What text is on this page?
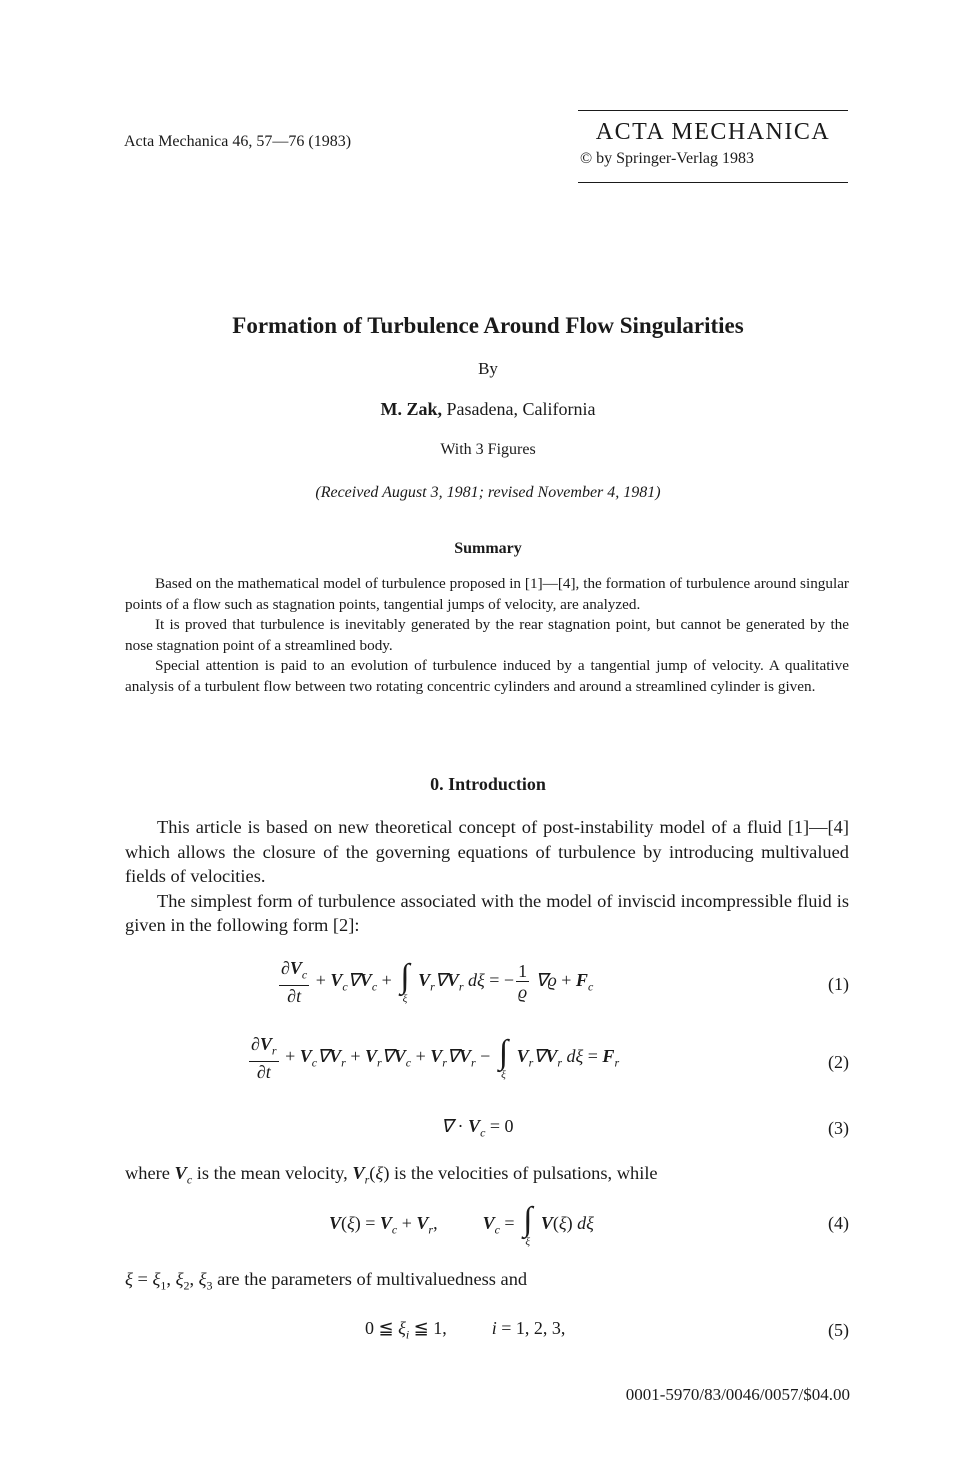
Acta Mechanica 46, 57—76 (1983)	ACTA MECHANICA
© by Springer-Verlag 1983
Formation of Turbulence Around Flow Singularities
By
M. Zak, Pasadena, California
With 3 Figures
(Received August 3, 1981; revised November 4, 1981)
Summary

Based on the mathematical model of turbulence proposed in [1]—[4], the formation of turbulence around singular points of a flow such as stagnation points, tangential jumps of velocity, are analyzed.

It is proved that turbulence is inevitably generated by the rear stagnation point, but cannot be generated by the nose stagnation point of a streamlined body.

Special attention is paid to an evolution of turbulence induced by a tangential jump of velocity. A qualitative analysis of a turbulent flow between two rotating concentric cylinders and around a streamlined cylinder is given.

0. Introduction

This article is based on new theoretical concept of post-instability model of a fluid [1]—[4] which allows the closure of the governing equations of turbulence by introducing multivalued fields of velocities.

The simplest form of turbulence associated with the model of inviscid incompressible fluid is given in the following form [2]:

$\frac{\partial V_c}{\partial t} + V_c\nabla V_c$ + ∫
ξ
$V_r\nabla V_r$ dξ = − $\frac{1}{ϱ} \nabla ϱ + F_c$	(1)
$\frac{\partial V_r}{\partial t} + V_c\nabla V_r + V_r\nabla V_c + V_r\nabla V_r$ − ∫
ξ
$V_r\nabla V_r$ $d\xi = F_r$	(2)
∇ · $V_c = 0$	(3)
where $V_c$ is the mean velocity, $V_r(\xi)$ is the velocities of pulsations, while
$V(\xi) = V_c + V_r$,  $V_c$ = ∫
ξ
V(ξ) dξ	(4)
$\xi = \xi_1$, $\xi_2$, $\xi_3$ are the parameters of multivaluedness and
0 ≦ $\xi_i$ ≦ 1,  i = 1, 2, 3,	(5)
0001-5970/83/0046/0057/$04.00
